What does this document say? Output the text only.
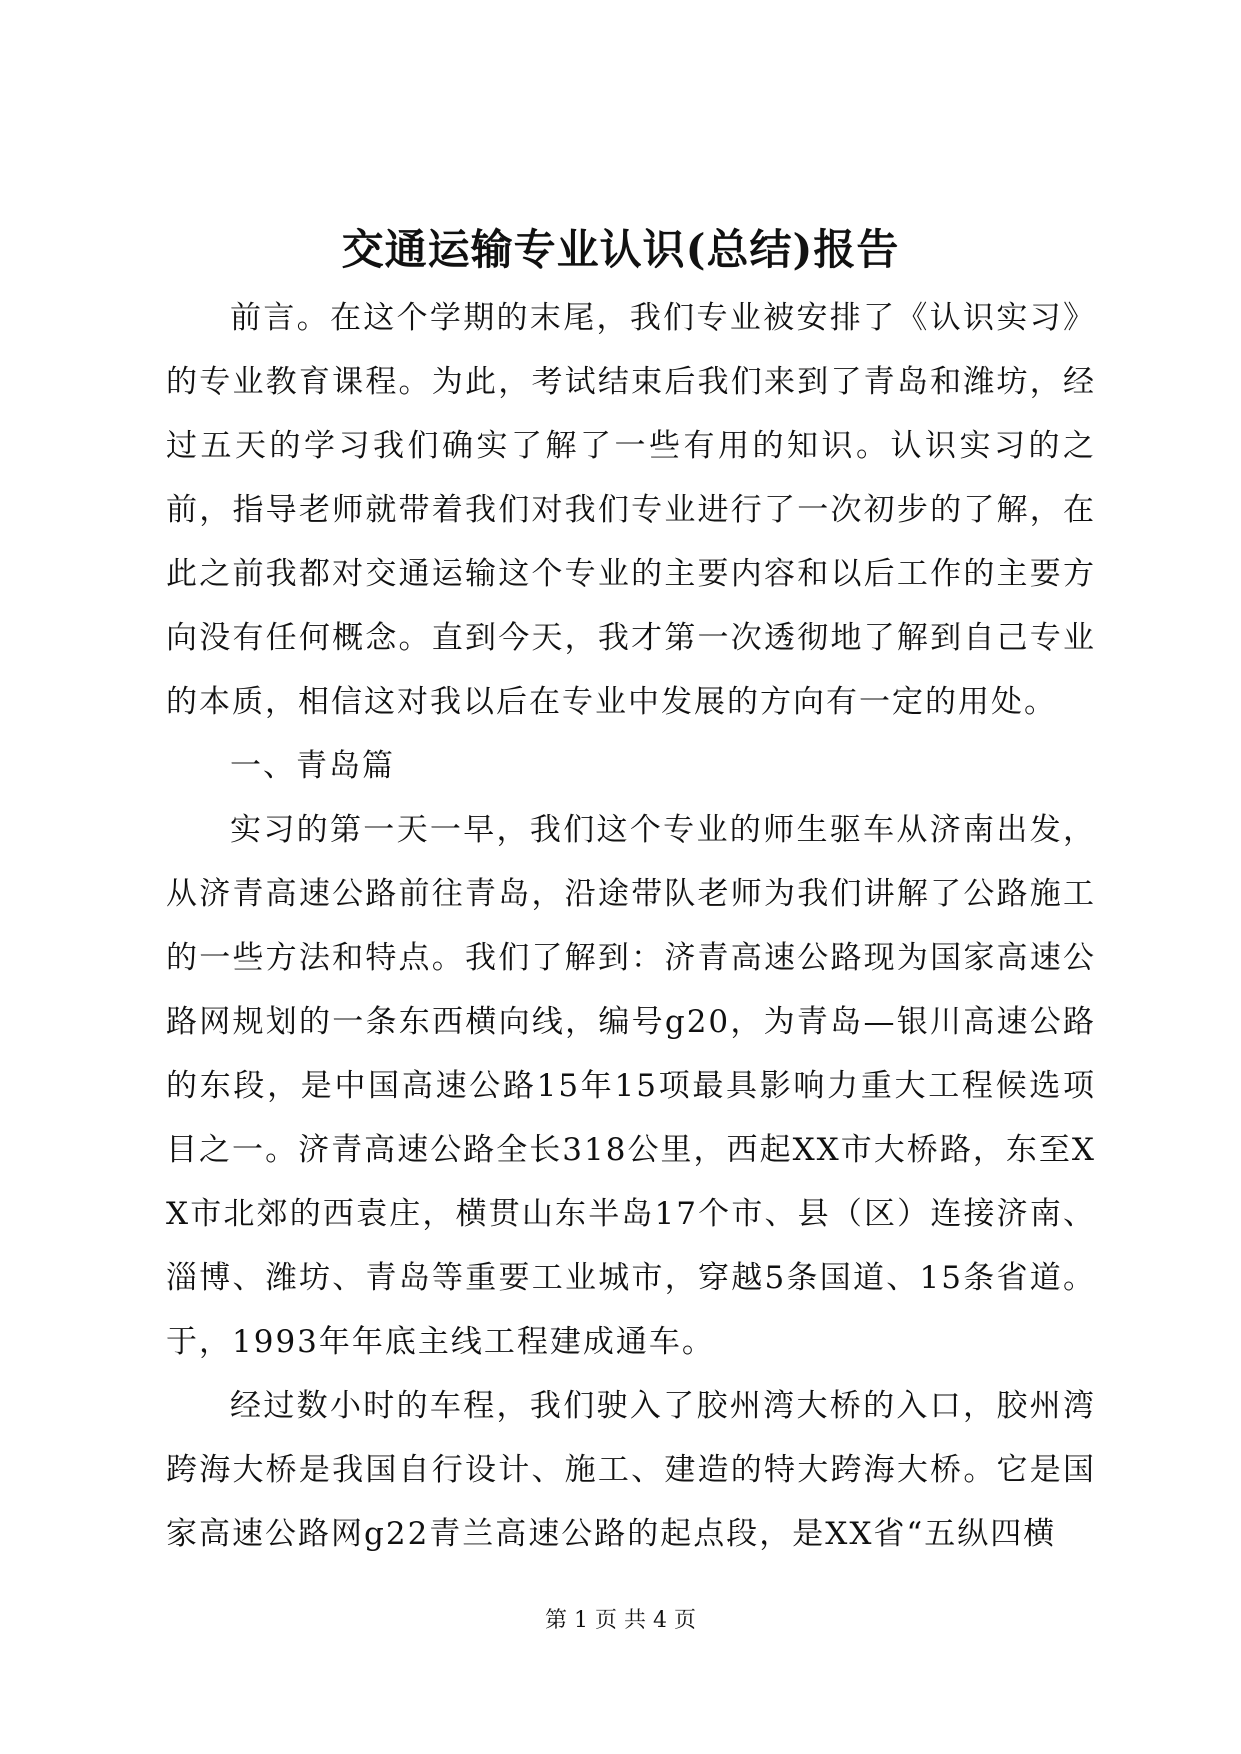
交通运输专业认识(总结)报告

前言。在这个学期的末尾，我们专业被安排了《认识实习》的专业教育课程。为此，考试结束后我们来到了青岛和潍坊，经过五天的学习我们确实了解了一些有用的知识。认识实习的之前，指导老师就带着我们对我们专业进行了一次初步的了解，在此之前我都对交通运输这个专业的主要内容和以后工作的主要方向没有任何概念。直到今天，我才第一次透彻地了解到自己专业的本质，相信这对我以后在专业中发展的方向有一定的用处。

一、青岛篇

实习的第一天一早，我们这个专业的师生驱车从济南出发，从济青高速公路前往青岛，沿途带队老师为我们讲解了公路施工的一些方法和特点。我们了解到：济青高速公路现为国家高速公路网规划的一条东西横向线，编号g20，为青岛—银川高速公路的东段，是中国高速公路15年15项最具影响力重大工程候选项目之一。济青高速公路全长318公里，西起XX市大桥路，东至XX市北郊的西袁庄，横贯山东半岛17个市、县（区）连接济南、淄博、潍坊、青岛等重要工业城市，穿越5条国道、15条省道。于，1993年年底主线工程建成通车。

经过数小时的车程，我们驶入了胶州湾大桥的入口，胶州湾跨海大桥是我国自行设计、施工、建造的特大跨海大桥。它是国家高速公路网g22青兰高速公路的起点段，是XX省“五纵四横

第 1 页 共 4 页
